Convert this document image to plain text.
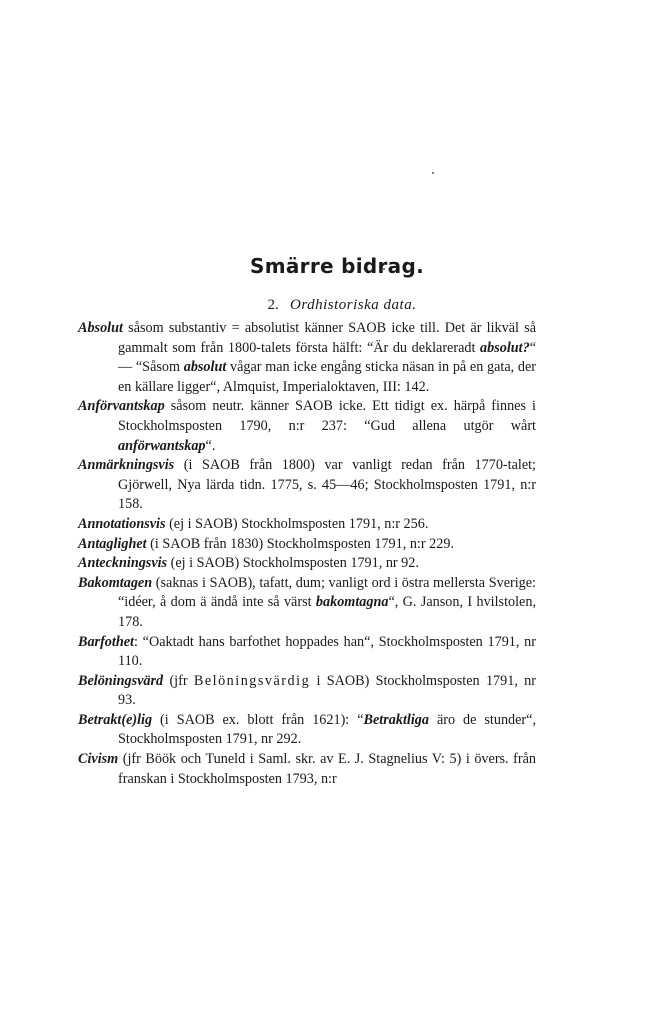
Smärre bidrag.
2. Ordhistoriska data.

Absolut såsom substantiv = absolutist känner SAOB icke till. Det är likväl så gammalt som från 1800-talets första hälft: “Är du deklareradt absolut?“ — “Såsom absolut vågar man icke engång sticka näsan in på en gata, der en källare ligger“, Almquist, Imperialoktaven, III: 142.

Anförvantskap såsom neutr. känner SAOB icke. Ett tidigt ex. härpå finnes i Stockholmsposten 1790, n:r 237: “Gud allena utgör wårt anförwantskap“.

Anmärkningsvis (i SAOB från 1800) var vanligt redan från 1770-talet; Gjörwell, Nya lärda tidn. 1775, s. 45—46; Stockholmsposten 1791, n:r 158.

Annotationsvis (ej i SAOB) Stockholmsposten 1791, n:r 256.

Antaglighet (i SAOB från 1830) Stockholmsposten 1791, n:r 229.

Anteckningsvis (ej i SAOB) Stockholmsposten 1791, nr 92.

Bakomtagen (saknas i SAOB), tafatt, dum; vanligt ord i östra mellersta Sverige: “idéer, å dom ä ändå inte så värst bakomtagna“, G. Janson, I hvilstolen, 178.

Barfothet: “Oaktadt hans barfothet hoppades han“, Stockholmsposten 1791, nr 110.

Belöningsvärd (jfr Belöningsvärdig i SAOB) Stockholmsposten 1791, nr 93.

Betrakt(e)lig (i SAOB ex. blott från 1621): “Betraktliga äro de stunder“, Stockholmsposten 1791, nr 292.

Civism (jfr Böök och Tuneld i Saml. skr. av E. J. Stagnelius V: 5) i övers. från franskan i Stockholmsposten 1793, n:r
